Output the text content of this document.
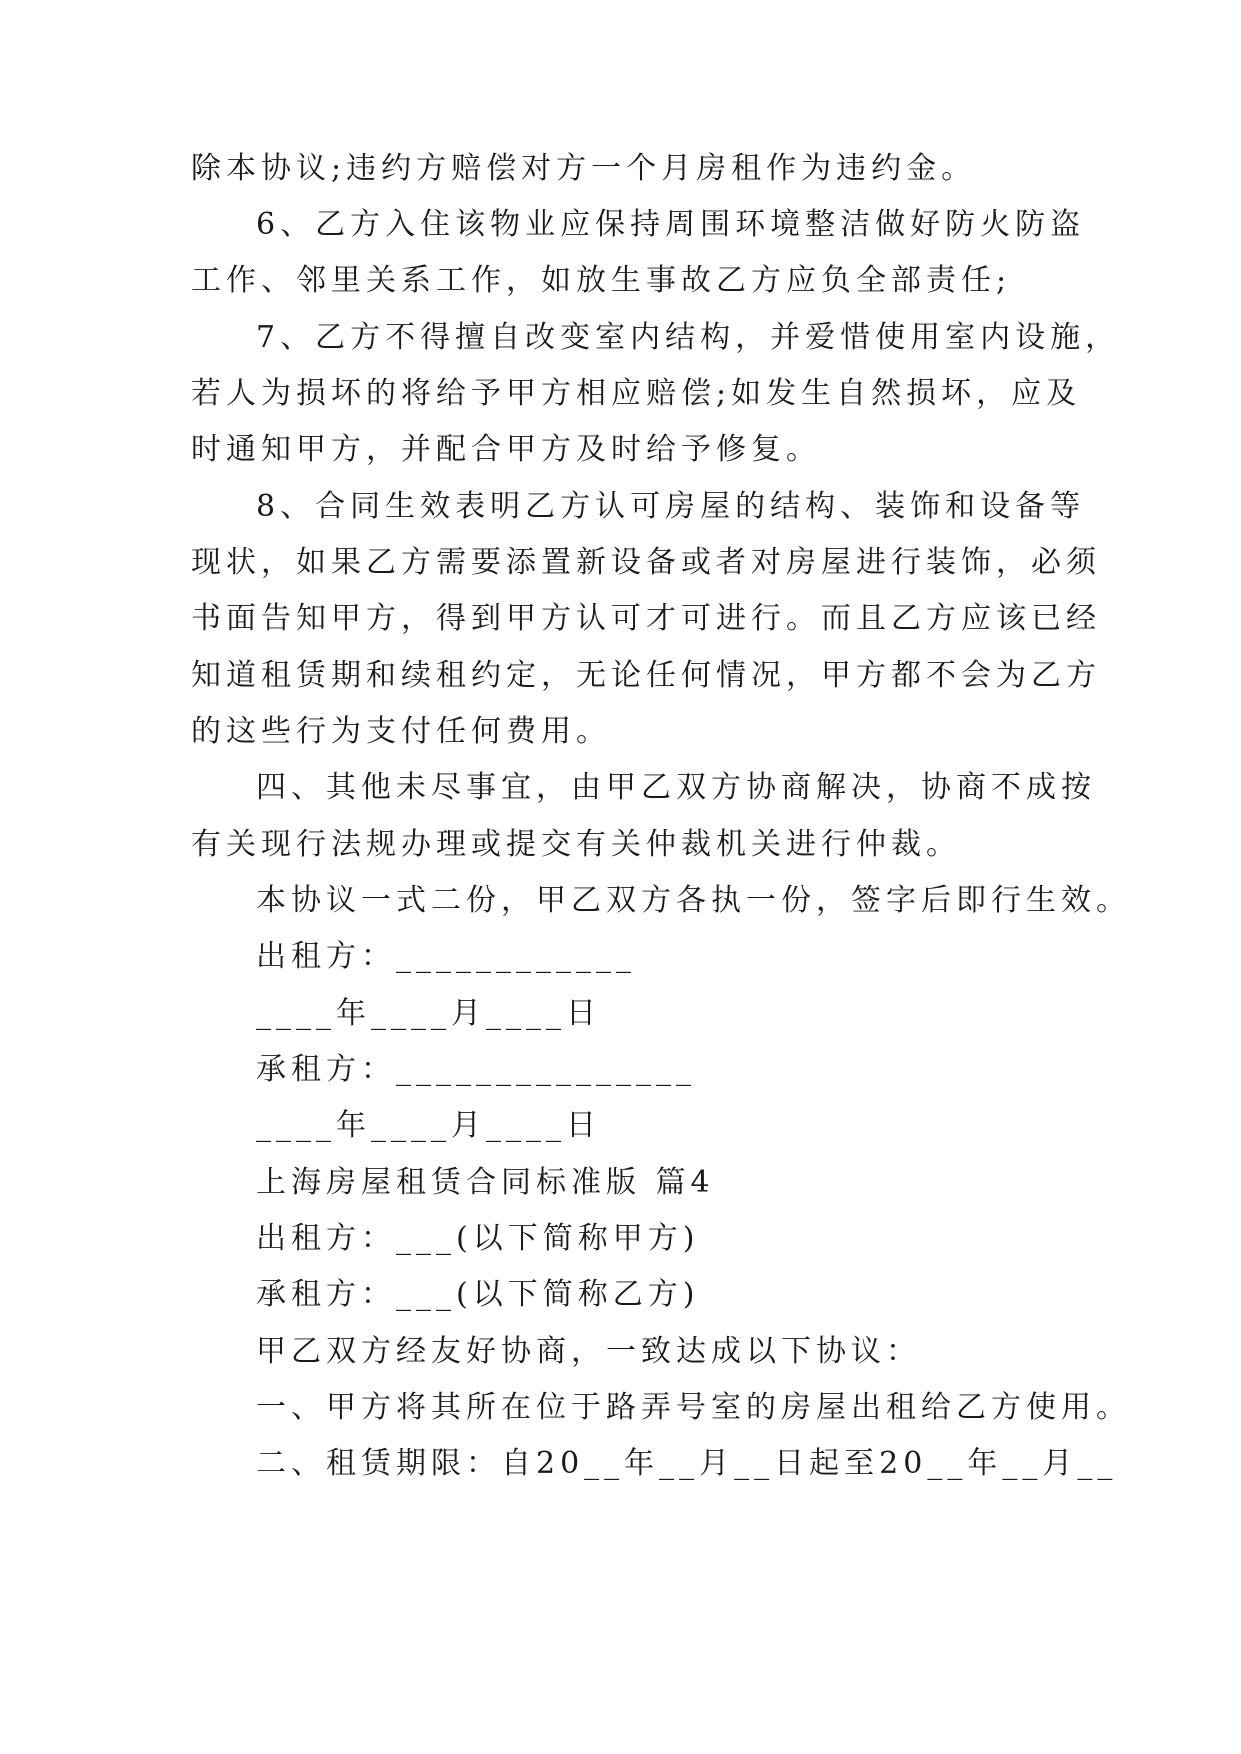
除本协议;违约方赔偿对方一个月房租作为违约金。
6、乙方入住该物业应保持周围环境整洁做好防火防盗
工作、邻里关系工作，如放生事故乙方应负全部责任;
7、乙方不得擅自改变室内结构，并爱惜使用室内设施，
若人为损坏的将给予甲方相应赔偿;如发生自然损坏，应及
时通知甲方，并配合甲方及时给予修复。
8、合同生效表明乙方认可房屋的结构、装饰和设备等
现状，如果乙方需要添置新设备或者对房屋进行装饰，必须
书面告知甲方，得到甲方认可才可进行。而且乙方应该已经
知道租赁期和续租约定，无论任何情况，甲方都不会为乙方
的这些行为支付任何费用。
四、其他未尽事宜，由甲乙双方协商解决，协商不成按
有关现行法规办理或提交有关仲裁机关进行仲裁。
本协议一式二份，甲乙双方各执一份，签字后即行生效。
出租方：____________
____年____月____日
承租方：_______________
____年____月____日
上海房屋租赁合同标准版 篇4
出租方：___(以下简称甲方)
承租方：___(以下简称乙方)
甲乙双方经友好协商，一致达成以下协议：
一、甲方将其所在位于路弄号室的房屋出租给乙方使用。
二、租赁期限：自20__年__月__日起至20__年__月__
